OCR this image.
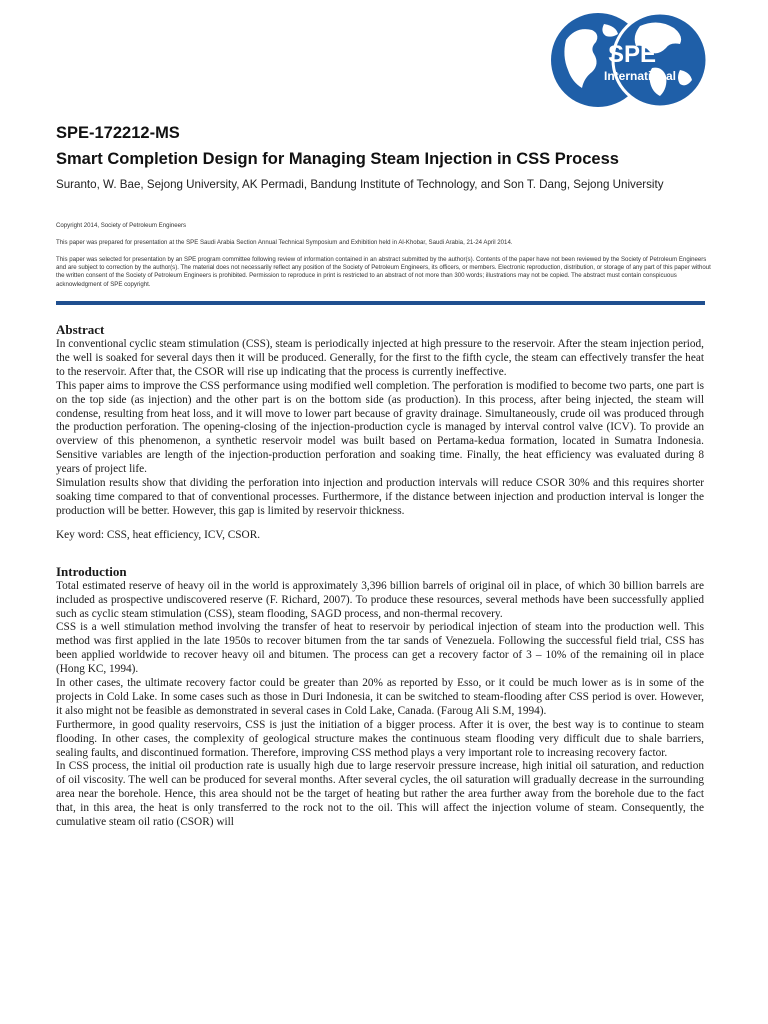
SPE
International
SPE-172212-MS
Smart Completion Design for Managing Steam Injection in CSS Process
Suranto, W. Bae, Sejong University, AK Permadi, Bandung Institute of Technology, and Son T. Dang, Sejong University
Copyright 2014, Society of Petroleum Engineers
This paper was prepared for presentation at the SPE Saudi Arabia Section Annual Technical Symposium and Exhibition held in Al-Khobar, Saudi Arabia, 21-24 April 2014.
This paper was selected for presentation by an SPE program committee following review of information contained in an abstract submitted by the author(s). Contents of the paper have not been reviewed by the Society of Petroleum Engineers and are subject to correction by the author(s). The material does not necessarily reflect any position of the Society of Petroleum Engineers, its officers, or members. Electronic reproduction, distribution, or storage of any part of this paper without the written consent of the Society of Petroleum Engineers is prohibited. Permission to reproduce in print is restricted to an abstract of not more than 300 words; illustrations may not be copied. The abstract must contain conspicuous acknowledgment of SPE copyright.
Abstract

In conventional cyclic steam stimulation (CSS), steam is periodically injected at high pressure to the reservoir. After the steam injection period, the well is soaked for several days then it will be produced. Generally, for the first to the fifth cycle, the steam can effectively transfer the heat to the reservoir. After that, the CSOR will rise up indicating that the process is currently ineffective.

This paper aims to improve the CSS performance using modified well completion. The perforation is modified to become two parts, one part is on the top side (as injection) and the other part is on the bottom side (as production). In this process, after being injected, the steam will condense, resulting from heat loss, and it will move to lower part because of gravity drainage. Simultaneously, crude oil was produced through the production perforation. The opening-closing of the injection-production cycle is managed by interval control valve (ICV). To provide an overview of this phenomenon, a synthetic reservoir model was built based on Pertama-kedua formation, located in Sumatra Indonesia. Sensitive variables are length of the injection-production perforation and soaking time. Finally, the heat efficiency was evaluated during 8 years of project life.

Simulation results show that dividing the perforation into injection and production intervals will reduce CSOR 30% and this requires shorter soaking time compared to that of conventional processes. Furthermore, if the distance between injection and production interval is longer the production will be better. However, this gap is limited by reservoir thickness.

Key word: CSS, heat efficiency, ICV, CSOR.

Introduction

Total estimated reserve of heavy oil in the world is approximately 3,396 billion barrels of original oil in place, of which 30 billion barrels are included as prospective undiscovered reserve (F. Richard, 2007). To produce these resources, several methods have been successfully applied such as cyclic steam stimulation (CSS), steam flooding, SAGD process, and non-thermal recovery.

CSS is a well stimulation method involving the transfer of heat to reservoir by periodical injection of steam into the production well. This method was first applied in the late 1950s to recover bitumen from the tar sands of Venezuela. Following the successful field trial, CSS has been applied worldwide to recover heavy oil and bitumen. The process can get a recovery factor of 3 – 10% of the remaining oil in place (Hong KC, 1994).

In other cases, the ultimate recovery factor could be greater than 20% as reported by Esso, or it could be much lower as is in some of the projects in Cold Lake. In some cases such as those in Duri Indonesia, it can be switched to steam-flooding after CSS period is over. However, it also might not be feasible as demonstrated in several cases in Cold Lake, Canada. (Faroug Ali S.M, 1994).

Furthermore, in good quality reservoirs, CSS is just the initiation of a bigger process. After it is over, the best way is to continue to steam flooding. In other cases, the complexity of geological structure makes the continuous steam flooding very difficult due to shale barriers, sealing faults, and discontinued formation. Therefore, improving CSS method plays a very important role to increasing recovery factor.

In CSS process, the initial oil production rate is usually high due to large reservoir pressure increase, high initial oil saturation, and reduction of oil viscosity. The well can be produced for several months. After several cycles, the oil saturation will gradually decrease in the surrounding area near the borehole. Hence, this area should not be the target of heating but rather the area further away from the borehole due to the fact that, in this area, the heat is only transferred to the rock not to the oil. This will affect the injection volume of steam. Consequently, the cumulative steam oil ratio (CSOR) will
